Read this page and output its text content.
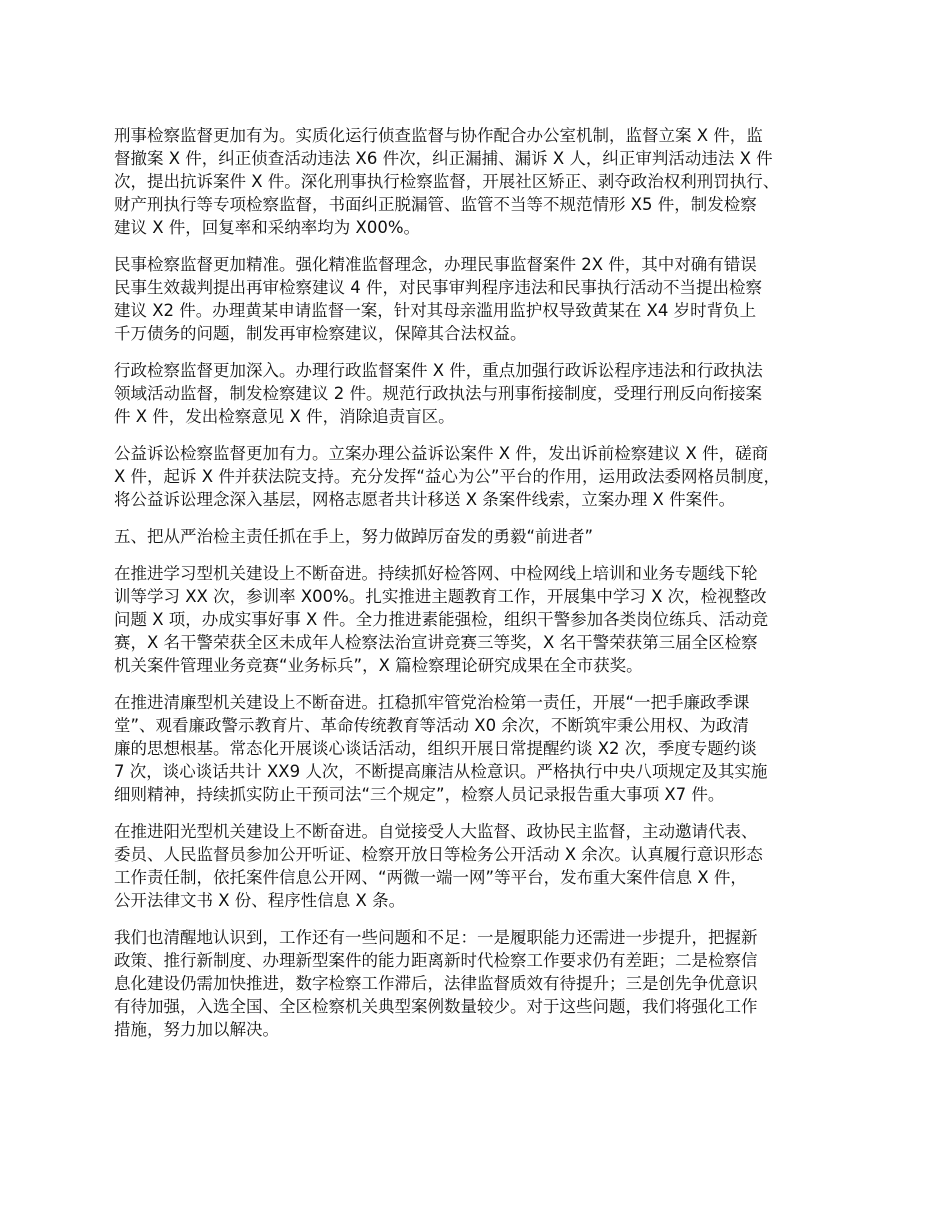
刑事检察监督更加有为。实质化运行侦查监督与协作配合办公室机制，监督立案 X 件，监
督撤案 X 件，纠正侦查活动违法 X6 件次，纠正漏捕、漏诉 X 人，纠正审判活动违法 X 件
次，提出抗诉案件 X 件。深化刑事执行检察监督，开展社区矫正、剥夺政治权利刑罚执行、
财产刑执行等专项检察监督，书面纠正脱漏管、监管不当等不规范情形 X5 件，制发检察
建议 X 件，回复率和采纳率均为 X00%。

民事检察监督更加精准。强化精准监督理念，办理民事监督案件 2X 件，其中对确有错误
民事生效裁判提出再审检察建议 4 件，对民事审判程序违法和民事执行活动不当提出检察
建议 X2 件。办理黄某申请监督一案，针对其母亲滥用监护权导致黄某在 X4 岁时背负上
千万债务的问题，制发再审检察建议，保障其合法权益。

行政检察监督更加深入。办理行政监督案件 X 件，重点加强行政诉讼程序违法和行政执法
领域活动监督，制发检察建议 2 件。规范行政执法与刑事衔接制度，受理行刑反向衔接案
件 X 件，发出检察意见 X 件，消除追责盲区。

公益诉讼检察监督更加有力。立案办理公益诉讼案件 X 件，发出诉前检察建议 X 件，磋商
X 件，起诉 X 件并获法院支持。充分发挥“益心为公”平台的作用，运用政法委网格员制度，
将公益诉讼理念深入基层，网格志愿者共计移送 X 条案件线索，立案办理 X 件案件。

五、把从严治检主责任抓在手上，努力做踔厉奋发的勇毅“前进者”

在推进学习型机关建设上不断奋进。持续抓好检答网、中检网线上培训和业务专题线下轮
训等学习 XX 次，参训率 X00%。扎实推进主题教育工作，开展集中学习 X 次，检视整改
问题 X 项，办成实事好事 X 件。全力推进素能强检，组织干警参加各类岗位练兵、活动竞
赛，X 名干警荣获全区未成年人检察法治宣讲竞赛三等奖，X 名干警荣获第三届全区检察
机关案件管理业务竞赛“业务标兵”，X 篇检察理论研究成果在全市获奖。

在推进清廉型机关建设上不断奋进。扛稳抓牢管党治检第一责任，开展“一把手廉政季课
堂”、观看廉政警示教育片、革命传统教育等活动 X0 余次，不断筑牢秉公用权、为政清
廉的思想根基。常态化开展谈心谈话活动，组织开展日常提醒约谈 X2 次，季度专题约谈
7 次，谈心谈话共计 XX9 人次，不断提高廉洁从检意识。严格执行中央八项规定及其实施
细则精神，持续抓实防止干预司法“三个规定”，检察人员记录报告重大事项 X7 件。

在推进阳光型机关建设上不断奋进。自觉接受人大监督、政协民主监督，主动邀请代表、
委员、人民监督员参加公开听证、检察开放日等检务公开活动 X 余次。认真履行意识形态
工作责任制，依托案件信息公开网、“两微一端一网”等平台，发布重大案件信息 X 件，
公开法律文书 X 份、程序性信息 X 条。

我们也清醒地认识到，工作还有一些问题和不足：一是履职能力还需进一步提升，把握新
政策、推行新制度、办理新型案件的能力距离新时代检察工作要求仍有差距；二是检察信
息化建设仍需加快推进，数字检察工作滞后，法律监督质效有待提升；三是创先争优意识
有待加强，入选全国、全区检察机关典型案例数量较少。对于这些问题，我们将强化工作
措施，努力加以解决。
